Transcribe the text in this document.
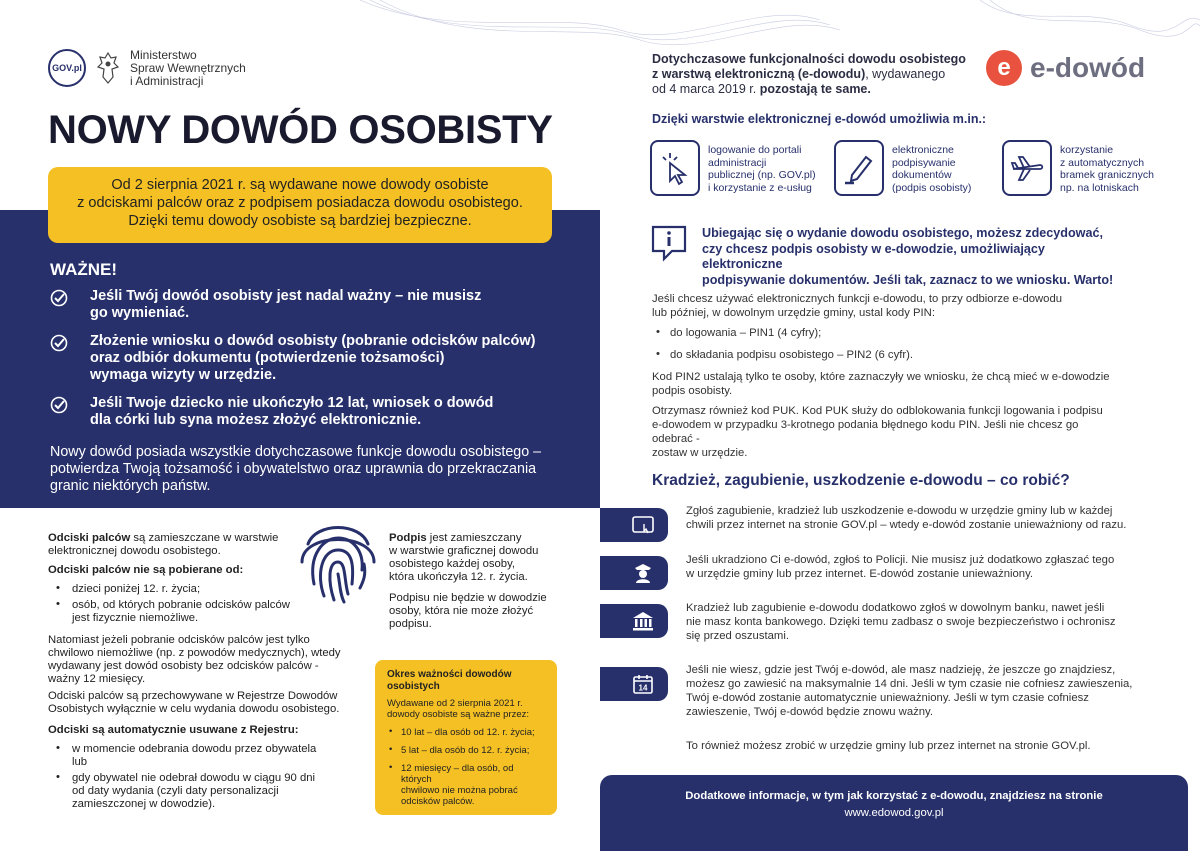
GOV.pl
Ministerstwo
Spraw Wewnętrznych
i Administracji
NOWY DOWÓD OSOBISTY
Od 2 sierpnia 2021 r. są wydawane nowe dowody osobiste
z odciskami palców oraz z podpisem posiadacza dowodu osobistego.
Dzięki temu dowody osobiste są bardziej bezpieczne.
WAŻNE!
Jeśli Twój dowód osobisty jest nadal ważny – nie musisz
go wymieniać.
Złożenie wniosku o dowód osobisty (pobranie odcisków palców)
oraz odbiór dokumentu (potwierdzenie tożsamości)
wymaga wizyty w urzędzie.
Jeśli Twoje dziecko nie ukończyło 12 lat, wniosek o dowód
dla córki lub syna możesz złożyć elektronicznie.
Nowy dowód posiada wszystkie dotychczasowe funkcje dowodu osobistego –
potwierdza Twoją tożsamość i obywatelstwo oraz uprawnia do przekraczania
granic niektórych państw.
Odciski palców są zamieszczane w warstwie
elektronicznej dowodu osobistego.
Odciski palców nie są pobierane od:
• dzieci poniżej 12. r. życia;
• osób, od których pobranie odcisków palców
jest fizycznie niemożliwe.
Natomiast jeżeli pobranie odcisków palców jest tylko
chwilowo niemożliwe (np. z powodów medycznych), wtedy
wydawany jest dowód osobisty bez odcisków palców -
ważny 12 miesięcy.
Odciski palców są przechowywane w Rejestrze Dowodów
Osobistych wyłącznie w celu wydania dowodu osobistego.
Odciski są automatycznie usuwane z Rejestru:
• w momencie odebrania dowodu przez obywatela
lub
• gdy obywatel nie odebrał dowodu w ciągu 90 dni
od daty wydania (czyli daty personalizacji
zamieszczonej w dowodzie).
Podpis jest zamieszczany
w warstwie graficznej dowodu
osobistego każdej osoby,
która ukończyła 12. r. życia.
Podpisu nie będzie w dowodzie
osoby, która nie może złożyć
podpisu.
Okres ważności dowodów
osobistych
Wydawane od 2 sierpnia 2021 r.
dowody osobiste są ważne przez:
• 10 lat – dla osób od 12. r. życia;
• 5 lat – dla osób do 12. r. życia;
• 12 miesięcy – dla osób, od których
chwilowo nie można pobrać
odcisków palców.
Dotychczasowe funkcjonalności dowodu osobistego
z warstwą elektroniczną (e-dowodu), wydawanego
od 4 marca 2019 r. pozostają te same.
e e-dowód
Dzięki warstwie elektronicznej e-dowód umożliwia m.in.:
logowanie do portali
administracji
publicznej (np. GOV.pl)
i korzystanie z e-usług
elektroniczne
podpisywanie
dokumentów
(podpis osobisty)
korzystanie
z automatycznych
bramek granicznych
np. na lotniskach
Ubiegając się o wydanie dowodu osobistego, możesz zdecydować,
czy chcesz podpis osobisty w e-dowodzie, umożliwiający elektroniczne
podpisywanie dokumentów. Jeśli tak, zaznacz to we wniosku. Warto!

Jeśli chcesz używać elektronicznych funkcji e-dowodu, to przy odbiorze e-dowodu
lub później, w dowolnym urzędzie gminy, ustal kody PIN:

• do logowania – PIN1 (4 cyfry);
• do składania podpisu osobistego – PIN2 (6 cyfr).

Kod PIN2 ustalają tylko te osoby, które zaznaczyły we wniosku, że chcą mieć w e-dowodzie
podpis osobisty.

Otrzymasz również kod PUK. Kod PUK służy do odblokowania funkcji logowania i podpisu
e-dowodem w przypadku 3-krotnego podania błędnego kodu PIN. Jeśli nie chcesz go odebrać -
zostaw w urzędzie.

Kradzież, zagubienie, uszkodzenie e-dowodu – co robić?
Zgłoś zagubienie, kradzież lub uszkodzenie e-dowodu w urzędzie gminy lub w każdej
chwili przez internet na stronie GOV.pl – wtedy e-dowód zostanie unieważniony od razu.
Jeśli ukradziono Ci e-dowód, zgłoś to Policji. Nie musisz już dodatkowo zgłaszać tego
w urzędzie gminy lub przez internet. E-dowód zostanie unieważniony.
Kradzież lub zagubienie e-dowodu dodatkowo zgłoś w dowolnym banku, nawet jeśli
nie masz konta bankowego. Dzięki temu zadbasz o swoje bezpieczeństwo i ochronisz
się przed oszustami.
14
Jeśli nie wiesz, gdzie jest Twój e-dowód, ale masz nadzieję, że jeszcze go znajdziesz,
możesz go zawiesić na maksymalnie 14 dni. Jeśli w tym czasie nie cofniesz zawieszenia,
Twój e-dowód zostanie automatycznie unieważniony. Jeśli w tym czasie cofniesz
zawieszenie, Twój e-dowód będzie znowu ważny.
To również możesz zrobić w urzędzie gminy lub przez internet na stronie GOV.pl.
Dodatkowe informacje, w tym jak korzystać z e-dowodu, znajdziesz na stronie
www.edowod.gov.pl
